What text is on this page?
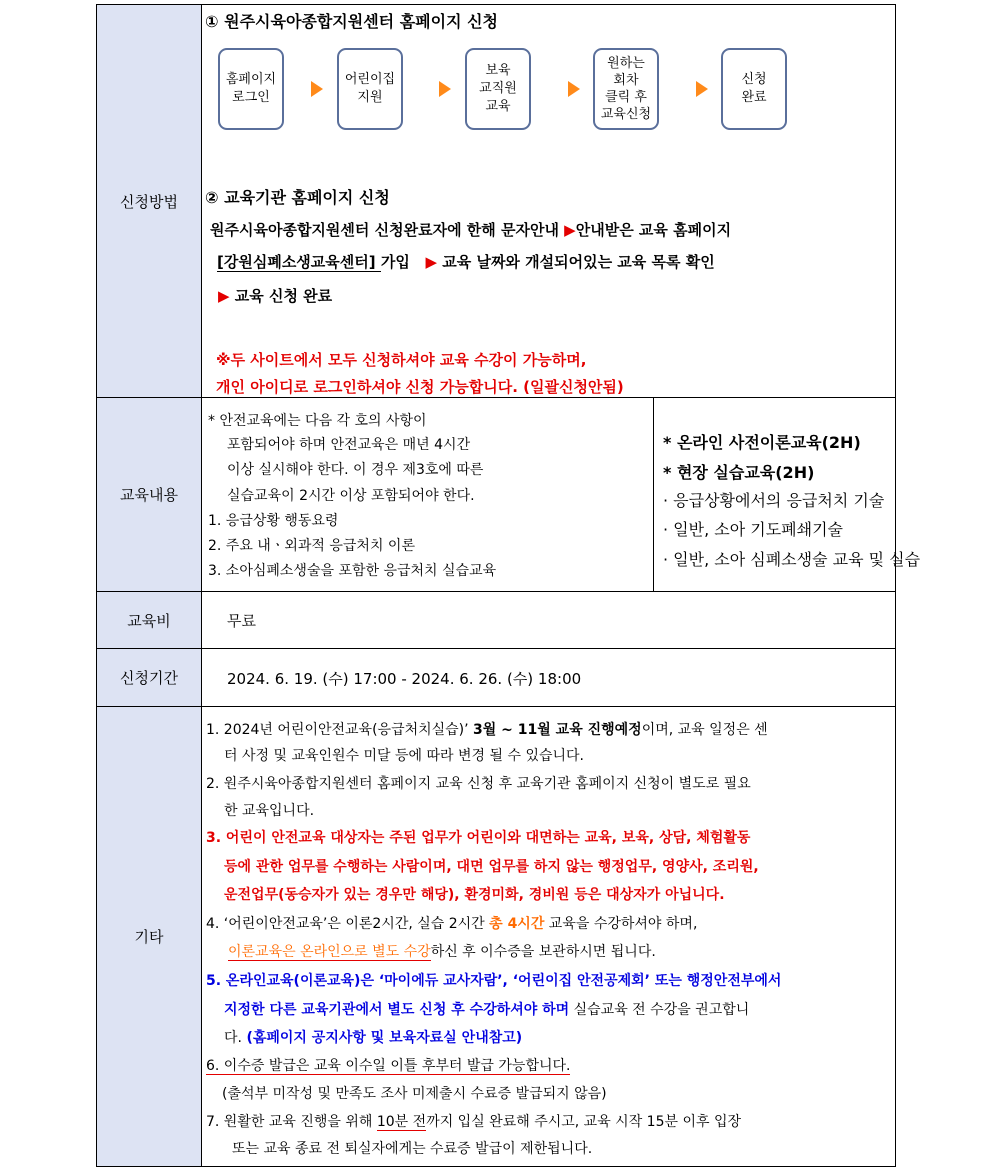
신청방법
① 원주시육아종합지원센터 홈페이지 신청
홈페이지
로그인
어린이집
지원
보육
교직원
교육
원하는
회차
클릭 후
교육신청
신청
완료
② 교육기관 홈페이지 신청
원주시육아종합지원센터 신청완료자에 한해 문자안내 ▶안내받은 교육 홈페이지
[강원심폐소생교육센터] 가입   ▶ 교육 날짜와 개설되어있는 교육 목록 확인
▶ 교육 신청 완료
※두 사이트에서 모두 신청하셔야 교육 수강이 가능하며,
개인 아이디로 로그인하셔야 신청 가능합니다. (일괄신청안됨)
교육내용
* 안전교육에는 다음 각 호의 사항이
포함되어야 하며 안전교육은 매년 4시간
이상 실시해야 한다. 이 경우 제3호에 따른
실습교육이 2시간 이상 포함되어야 한다.
1. 응급상황 행동요령
2. 주요 내ㆍ외과적 응급처치 이론
3. 소아심폐소생술을 포함한 응급처치 실습교육
* 온라인 사전이론교육(2H)
* 현장 실습교육(2H)
· 응급상황에서의 응급처치 기술
· 일반, 소아 기도폐쇄기술
· 일반, 소아 심폐소생술 교육 및 실습
교육비	무료
신청기간	2024. 6. 19. (수) 17:00 - 2024. 6. 26. (수) 18:00
기타
1. 2024년 어린이안전교육(응급처치실습)’ 3월 ~ 11월 교육 진행예정이며, 교육 일정은 센
터 사정 및 교육인원수 미달 등에 따라 변경 될 수 있습니다.
2. 원주시육아종합지원센터 홈페이지 교육 신청 후 교육기관 홈페이지 신청이 별도로 필요
한 교육입니다.
3. 어린이 안전교육 대상자는 주된 업무가 어린이와 대면하는 교육, 보육, 상담, 체험활동
등에 관한 업무를 수행하는 사람이며, 대면 업무를 하지 않는 행정업무, 영양사, 조리원,
운전업무(동승자가 있는 경우만 해당), 환경미화, 경비원 등은 대상자가 아닙니다.
4. ‘어린이안전교육’은 이론2시간, 실습 2시간 총 4시간 교육을 수강하셔야 하며,
이론교육은 온라인으로 별도 수강하신 후 이수증을 보관하시면 됩니다.
5. 온라인교육(이론교육)은 ‘마이에듀 교사자람’, ‘어린이집 안전공제회’ 또는 행정안전부에서
지정한 다른 교육기관에서 별도 신청 후 수강하셔야 하며 실습교육 전 수강을 권고합니
다. (홈페이지 공지사항 및 보육자료실 안내참고)
6. 이수증 발급은 교육 이수일 이틀 후부터 발급 가능합니다.
(출석부 미작성 및 만족도 조사 미제출시 수료증 발급되지 않음)
7. 원활한 교육 진행을 위해 10분 전까지 입실 완료해 주시고, 교육 시작 15분 이후 입장
또는 교육 종료 전 퇴실자에게는 수료증 발급이 제한됩니다.
